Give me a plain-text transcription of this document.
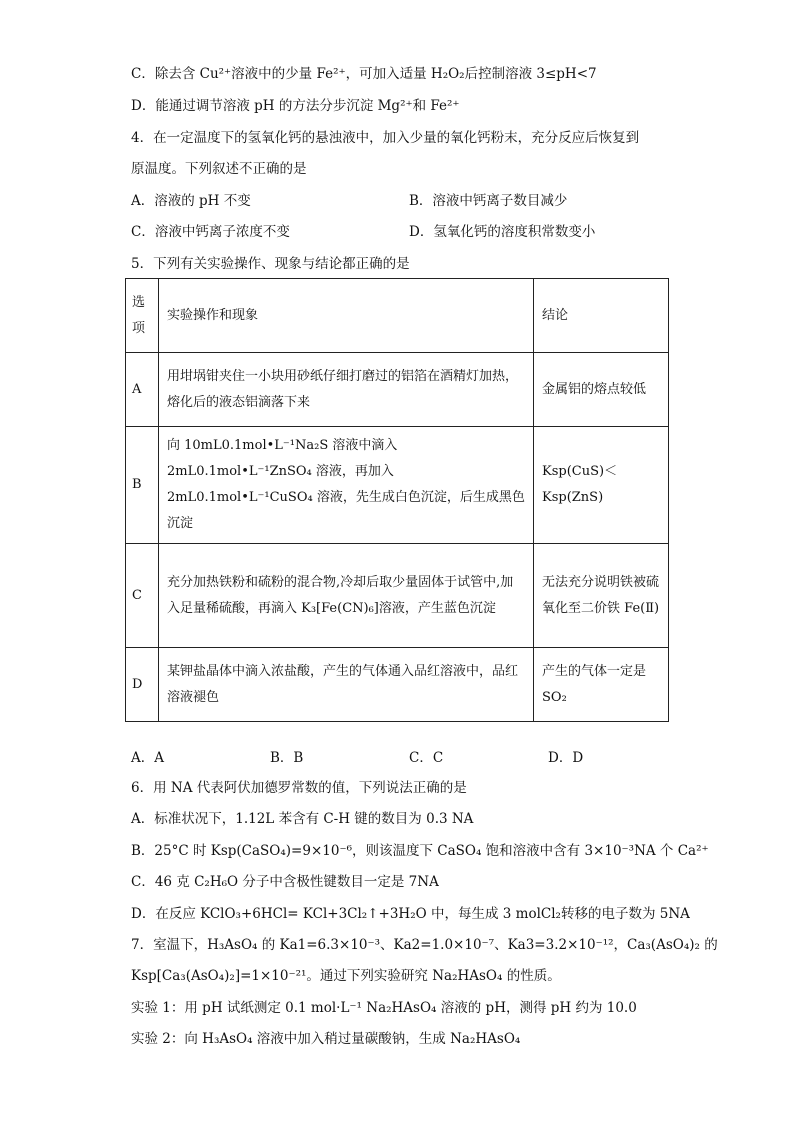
C．除去含 Cu²⁺溶液中的少量 Fe²⁺，可加入适量 H₂O₂后控制溶液 3≤pH<7
D．能通过调节溶液 pH 的方法分步沉淀 Mg²⁺和 Fe²⁺
4．在一定温度下的氢氧化钙的悬浊液中，加入少量的氧化钙粉末，充分反应后恢复到
原温度。下列叙述不正确的是
A．溶液的 pH 不变	B．溶液中钙离子数目减少
C．溶液中钙离子浓度不变	D．氢氧化钙的溶度积常数变小
5．下列有关实验操作、现象与结论都正确的是
选项	实验操作和现象	结论
A	用坩埚钳夹住一小块用砂纸仔细打磨过的铝箔在酒精灯加热，熔化后的液态铝滴落下来	金属铝的熔点较低
B	向 10mL0.1mol•L⁻¹Na₂S 溶液中滴入 2mL0.1mol•L⁻¹ZnSO₄ 溶液，再加入 2mL0.1mol•L⁻¹CuSO₄ 溶液，先生成白色沉淀，后生成黑色沉淀	Ksp(CuS)＜Ksp(ZnS)
C	充分加热铁粉和硫粉的混合物,冷却后取少量固体于试管中,加入足量稀硫酸，再滴入 K₃[Fe(CN)₆]溶液，产生蓝色沉淀	无法充分说明铁被硫氧化至二价铁 Fe(Ⅱ)
D	某钾盐晶体中滴入浓盐酸，产生的气体通入品红溶液中，品红溶液褪色	产生的气体一定是 SO₂
A．A	B．B	C．C	D．D
6．用 NA 代表阿伏加德罗常数的值，下列说法正确的是
A．标准状况下，1.12L 苯含有 C-H 键的数目为 0.3 NA
B．25°C 时 Ksp(CaSO₄)=9×10⁻⁶，则该温度下 CaSO₄ 饱和溶液中含有 3×10⁻³NA 个 Ca²⁺
C．46 克 C₂H₆O 分子中含极性键数目一定是 7NA
D．在反应 KClO₃+6HCl= KCl+3Cl₂↑+3H₂O 中，每生成 3 molCl₂转移的电子数为 5NA
7．室温下，H₃AsO₄ 的 Ka1=6.3×10⁻³、Ka2=1.0×10⁻⁷、Ka3=3.2×10⁻¹²，Ca₃(AsO₄)₂ 的
Ksp[Ca₃(AsO₄)₂]=1×10⁻²¹。通过下列实验研究 Na₂HAsO₄ 的性质。
实验 1：用 pH 试纸测定 0.1 mol·L⁻¹ Na₂HAsO₄ 溶液的 pH，测得 pH 约为 10.0
实验 2：向 H₃AsO₄ 溶液中加入稍过量碳酸钠，生成 Na₂HAsO₄
